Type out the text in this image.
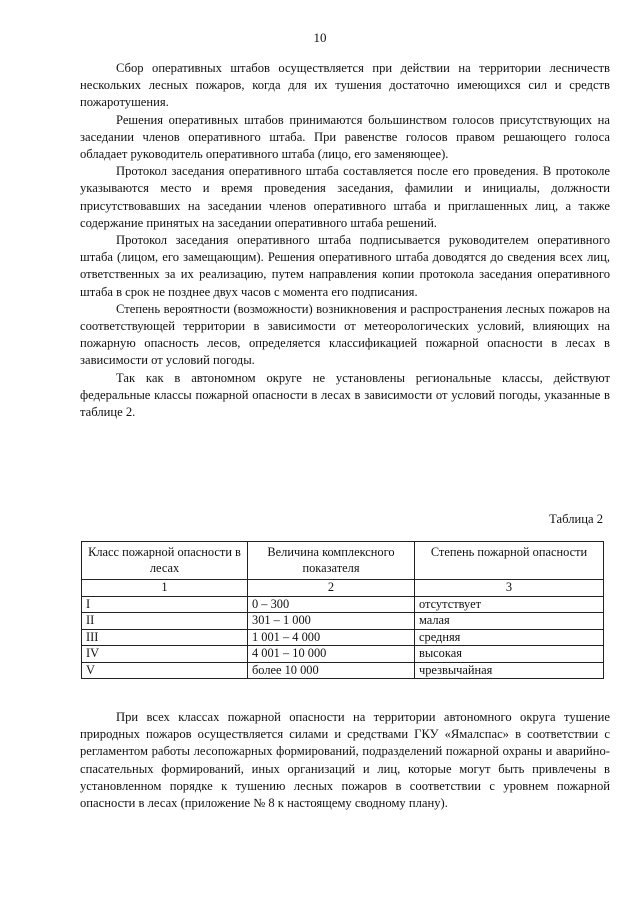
10

Сбор оперативных штабов осуществляется при действии на территории лесничеств нескольких лесных пожаров, когда для их тушения достаточно имеющихся сил и средств пожаротушения.

Решения оперативных штабов принимаются большинством голосов присутствующих на заседании членов оперативного штаба. При равенстве голосов правом решающего голоса обладает руководитель оперативного штаба (лицо, его заменяющее).

Протокол заседания оперативного штаба составляется после его проведения. В протоколе указываются место и время проведения заседания, фамилии и инициалы, должности присутствовавших на заседании членов оперативного штаба и приглашенных лиц, а также содержание принятых на заседании оперативного штаба решений.

Протокол заседания оперативного штаба подписывается руководителем оперативного штаба (лицом, его замещающим). Решения оперативного штаба доводятся до сведения всех лиц, ответственных за их реализацию, путем направления копии протокола заседания оперативного штаба в срок не позднее двух часов с момента его подписания.

Степень вероятности (возможности) возникновения и распространения лесных пожаров на соответствующей территории в зависимости от метеорологических условий, влияющих на пожарную опасность лесов, определяется классификацией пожарной опасности в лесах в зависимости от условий погоды.

Так как в автономном округе не установлены региональные классы, действуют федеральные классы пожарной опасности в лесах в зависимости от условий погоды, указанные в таблице 2.

Таблица 2
Класс пожарной опасности в лесах	Величина комплексного показателя	Степень пожарной опасности
1	2	3
I	0 – 300	отсутствует
II	301 – 1 000	малая
III	1 001 – 4 000	средняя
IV	4 001 – 10 000	высокая
V	более 10 000	чрезвычайная

При всех классах пожарной опасности на территории автономного округа тушение природных пожаров осуществляется силами и средствами ГКУ «Ямалспас» в соответствии с регламентом работы лесопожарных формирований, подразделений пожарной охраны и аварийно-спасательных формирований, иных организаций и лиц, которые могут быть привлечены в установленном порядке к тушению лесных пожаров в соответствии с уровнем пожарной опасности в лесах (приложение № 8 к настоящему сводному плану).
